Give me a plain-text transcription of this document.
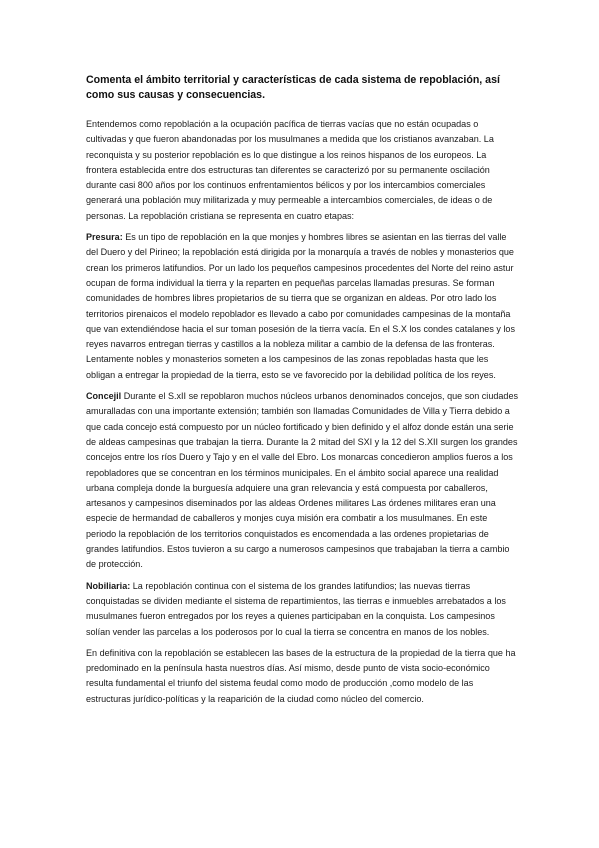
Comenta el ámbito territorial y características de cada sistema de repoblación, así como sus causas y consecuencias.

Entendemos como repoblación a la ocupación pacífica de tierras vacías que no están ocupadas o cultivadas y que fueron abandonadas por los musulmanes a medida que los cristianos avanzaban. La reconquista y su posterior repoblación es lo que distingue a los reinos hispanos de los europeos. La frontera establecida entre dos estructuras tan diferentes se caracterizó por su permanente oscilación durante casi 800 años por los continuos enfrentamientos bélicos y por los intercambios comerciales generará una población muy militarizada y muy permeable a intercambios comerciales, de ideas o de personas. La repoblación cristiana se representa en cuatro etapas:

Presura: Es un tipo de repoblación en la que monjes y hombres libres se asientan en las tierras del valle del Duero y del Pirineo; la repoblación está dirigida por la monarquía a través de nobles y monasterios que crean los primeros latifundios. Por un lado los pequeños campesinos procedentes del Norte del reino astur ocupan de forma individual la tierra y la reparten en pequeñas parcelas llamadas presuras. Se forman comunidades de hombres libres propietarios de su tierra que se organizan en aldeas. Por otro lado los territorios pirenaicos el modelo repoblador es llevado a cabo por comunidades campesinas de la montaña que van extendiéndose hacia el sur toman posesión de la tierra vacía. En el S.X los condes catalanes y los reyes navarros entregan tierras y castillos a la nobleza militar a cambio de la defensa de las fronteras. Lentamente nobles y monasterios someten a los campesinos de las zonas repobladas hasta que les obligan a entregar la propiedad de la tierra, esto se ve favorecido por la debilidad política de los reyes.

Concejil Durante el S.xII se repoblaron muchos núcleos urbanos denominados concejos, que son ciudades amuralladas con una importante extensión; también son llamadas Comunidades de Villa y Tierra debido a que cada concejo está compuesto por un núcleo fortificado y bien definido y el alfoz donde están una serie de aldeas campesinas que trabajan la tierra. Durante la 2 mitad del SXI y la 12 del S.XII surgen los grandes concejos entre los ríos Duero y Tajo y en el valle del Ebro. Los monarcas concedieron amplios fueros a los repobladores que se concentran en los términos municipales. En el ámbito social aparece una realidad urbana compleja donde la burguesía adquiere una gran relevancia y está compuesta por caballeros, artesanos y campesinos diseminados por las aldeas Ordenes militares Las órdenes militares eran una especie de hermandad de caballeros y monjes cuya misión era combatir a los musulmanes. En este periodo la repoblación de los territorios conquistados es encomendada a las ordenes propietarias de grandes latifundios. Estos tuvieron a su cargo a numerosos campesinos que trabajaban la tierra a cambio de protección.

Nobiliaria: La repoblación continua con el sistema de los grandes latifundios; las nuevas tierras conquistadas se dividen mediante el sistema de repartimientos, las tierras e inmuebles arrebatados a los musulmanes fueron entregados por los reyes a quienes participaban en la conquista. Los campesinos solían vender las parcelas a los poderosos por lo cual la tierra se concentra en manos de los nobles.

En definitiva con la repoblación se establecen las bases de la estructura de la propiedad de la tierra que ha predominado en la península hasta nuestros días. Así mismo, desde punto de vista socio-económico resulta fundamental el triunfo del sistema feudal como modo de producción ,como modelo de las estructuras jurídico-políticas y la reaparición de la ciudad como núcleo del comercio.
